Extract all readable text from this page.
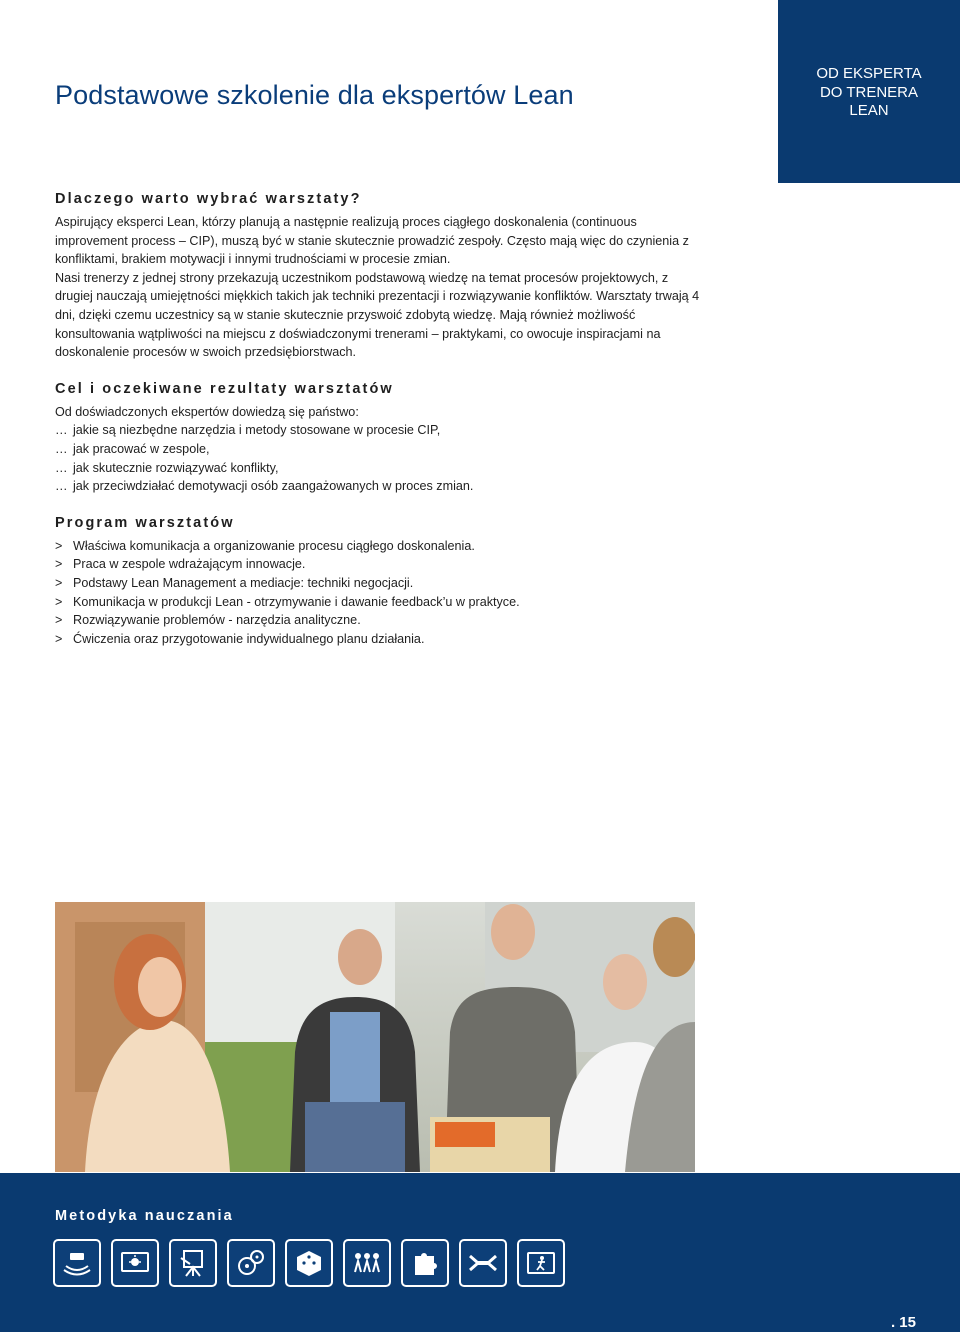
Podstawowe szkolenie dla ekspertów Lean
OD EKSPERTA
DO TRENERA
LEAN
Dlaczego warto wybrać warsztaty?

Aspirujący eksperci Lean, którzy planują a następnie realizują proces ciągłego doskonalenia (continuous improvement process – CIP), muszą być w stanie skutecznie prowadzić zespoły. Często mają więc do czynienia z konfliktami, brakiem motywacji i innymi trudnościami w procesie zmian.

Nasi trenerzy z jednej strony przekazują uczestnikom podstawową wiedzę na temat procesów projektowych, z drugiej nauczają umiejętności miękkich takich jak techniki prezentacji i rozwiązywanie konfliktów. Warsztaty trwają 4 dni, dzięki czemu uczestnicy są w stanie skutecznie przyswoić zdobytą wiedzę. Mają również możliwość konsultowania wątpliwości na miejscu z doświadczonymi trenerami – praktykami, co owocuje inspiracjami na doskonalenie procesów w swoich przedsiębiorstwach.

Cel i oczekiwane rezultaty warsztatów

Od doświadczonych ekspertów dowiedzą się państwo:

… jakie są niezbędne narzędzia i metody stosowane w procesie CIP,
… jak pracować w zespole,
… jak skutecznie rozwiązywać konflikty,
… jak przeciwdziałać demotywacji osób zaangażowanych w proces zmian.
Program warsztatów
> Właściwa komunikacja a organizowanie procesu ciągłego doskonalenia.
> Praca w zespole wdrażającym innowacje.
> Podstawy Lean Management a mediacje: techniki negocjacji.
> Komunikacja w produkcji Lean - otrzymywanie i dawanie feedback’u w praktyce.
> Rozwiązywanie problemów - narzędzia analityczne.
> Ćwiczenia oraz przygotowanie indywidualnego planu działania.
Metodyka nauczania
. 15
